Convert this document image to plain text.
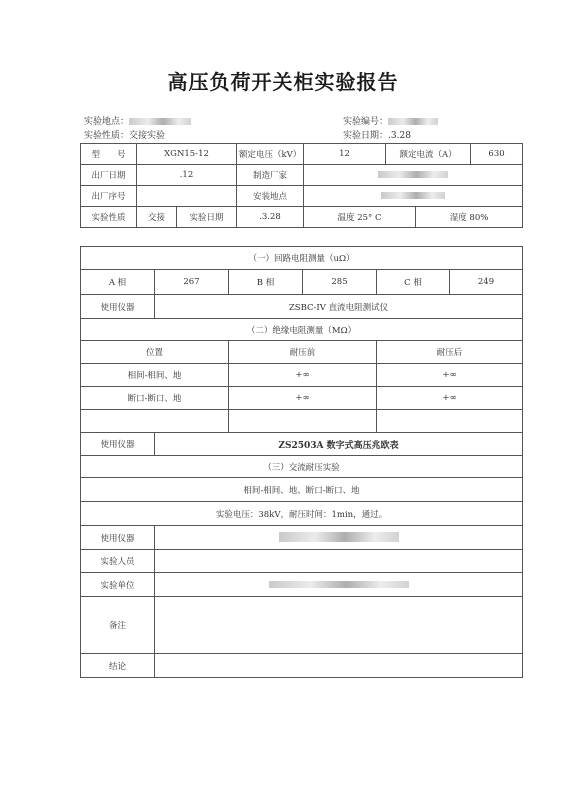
高压负荷开关柜实验报告
实验地点：	实验编号：
实验性质：交接实验	实验日期：.3.28
型　　号	XGN15-12		额定电压（kV）	12	额定电流（A）		630
出厂日期	.12		制造厂家				
出厂序号			安装地点				
实验性质	交接	实验日期	.3.28	温度 25° C		湿度 80%	
（一）回路电阻测量（uΩ）					
A 相	267	B 相	285	C 相	249
使用仪器	ZSBC-IV 直流电阻测试仪				
（二）绝缘电阻测量（MΩ）					
位置		耐压前		耐压后	
相间-相间、地		+∞		+∞	
断口-断口、地		+∞		+∞	

使用仪器	ZS2503A 数字式高压兆欧表				
（三）交流耐压实验					
相间-相间、地、断口-断口、地					
实验电压：38kV，耐压时间：1min，通过。					
使用仪器					
实验人员					
实验单位					
备注					
结论					
